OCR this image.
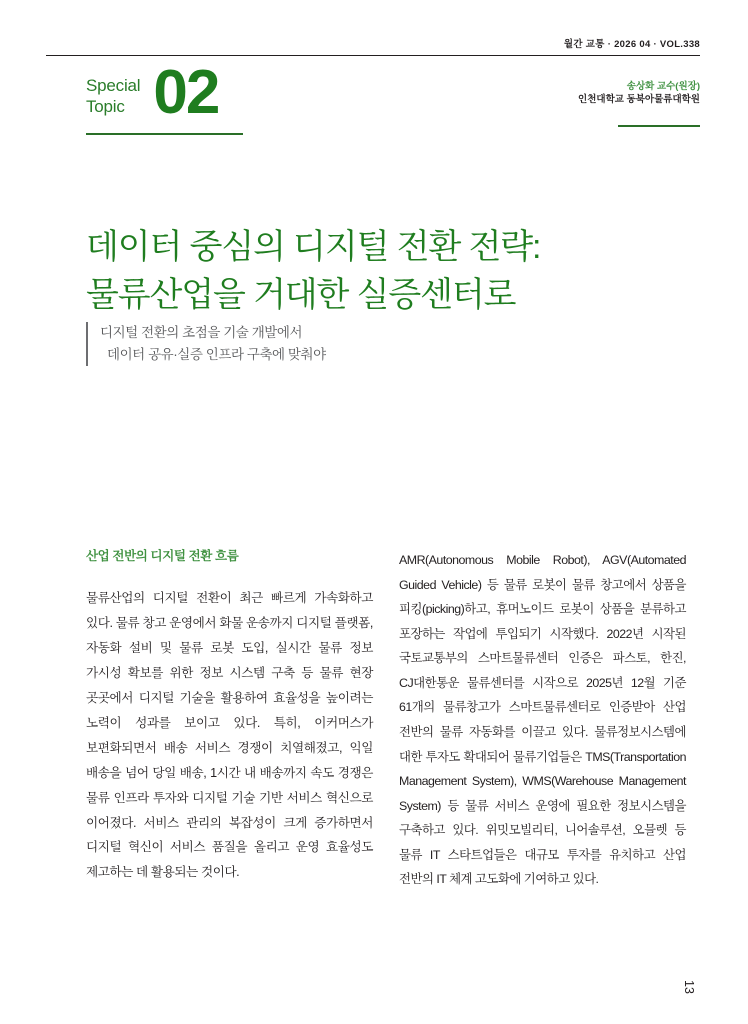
월간 교통 · 2026 04 · VOL.338
Special
Topic 02	송상화 교수(원장)
인천대학교 동북아물류대학원
데이터 중심의 디지털 전환 전략:
물류산업을 거대한 실증센터로
디지털 전환의 초점을 기술 개발에서
데이터 공유·실증 인프라 구축에 맞춰야
산업 전반의 디지털 전환 흐름

물류산업의 디지털 전환이 최근 빠르게 가속화하고 있다. 물류 창고 운영에서 화물 운송까지 디지털 플랫폼, 자동화 설비 및 물류 로봇 도입, 실시간 물류 정보 가시성 확보를 위한 정보 시스템 구축 등 물류 현장 곳곳에서 디지털 기술을 활용하여 효율성을 높이려는 노력이 성과를 보이고 있다. 특히, 이커머스가 보편화되면서 배송 서비스 경쟁이 치열해졌고, 익일 배송을 넘어 당일 배송, 1시간 내 배송까지 속도 경쟁은 물류 인프라 투자와 디지털 기술 기반 서비스 혁신으로 이어졌다. 서비스 관리의 복잡성이 크게 증가하면서 디지털 혁신이 서비스 품질을 올리고 운영 효율성도 제고하는 데 활용되는 것이다.

AMR(Autonomous Mobile Robot), AGV(Automated Guided Vehicle) 등 물류 로봇이 물류 창고에서 상품을 피킹(picking)하고, 휴머노이드 로봇이 상품을 분류하고 포장하는 작업에 투입되기 시작했다. 2022년 시작된 국토교통부의 스마트물류센터 인증은 파스토, 한진, CJ대한통운 물류센터를 시작으로 2025년 12월 기준 61개의 물류창고가 스마트물류센터로 인증받아 산업 전반의 물류 자동화를 이끌고 있다. 물류정보시스템에 대한 투자도 확대되어 물류기업들은 TMS(Transportation Management System), WMS(Warehouse Management System) 등 물류 서비스 운영에 필요한 정보시스템을 구축하고 있다. 위밋모빌리티, 니어솔루션, 오믈렛 등 물류 IT 스타트업들은 대규모 투자를 유치하고 산업 전반의 IT 체계 고도화에 기여하고 있다.

13
